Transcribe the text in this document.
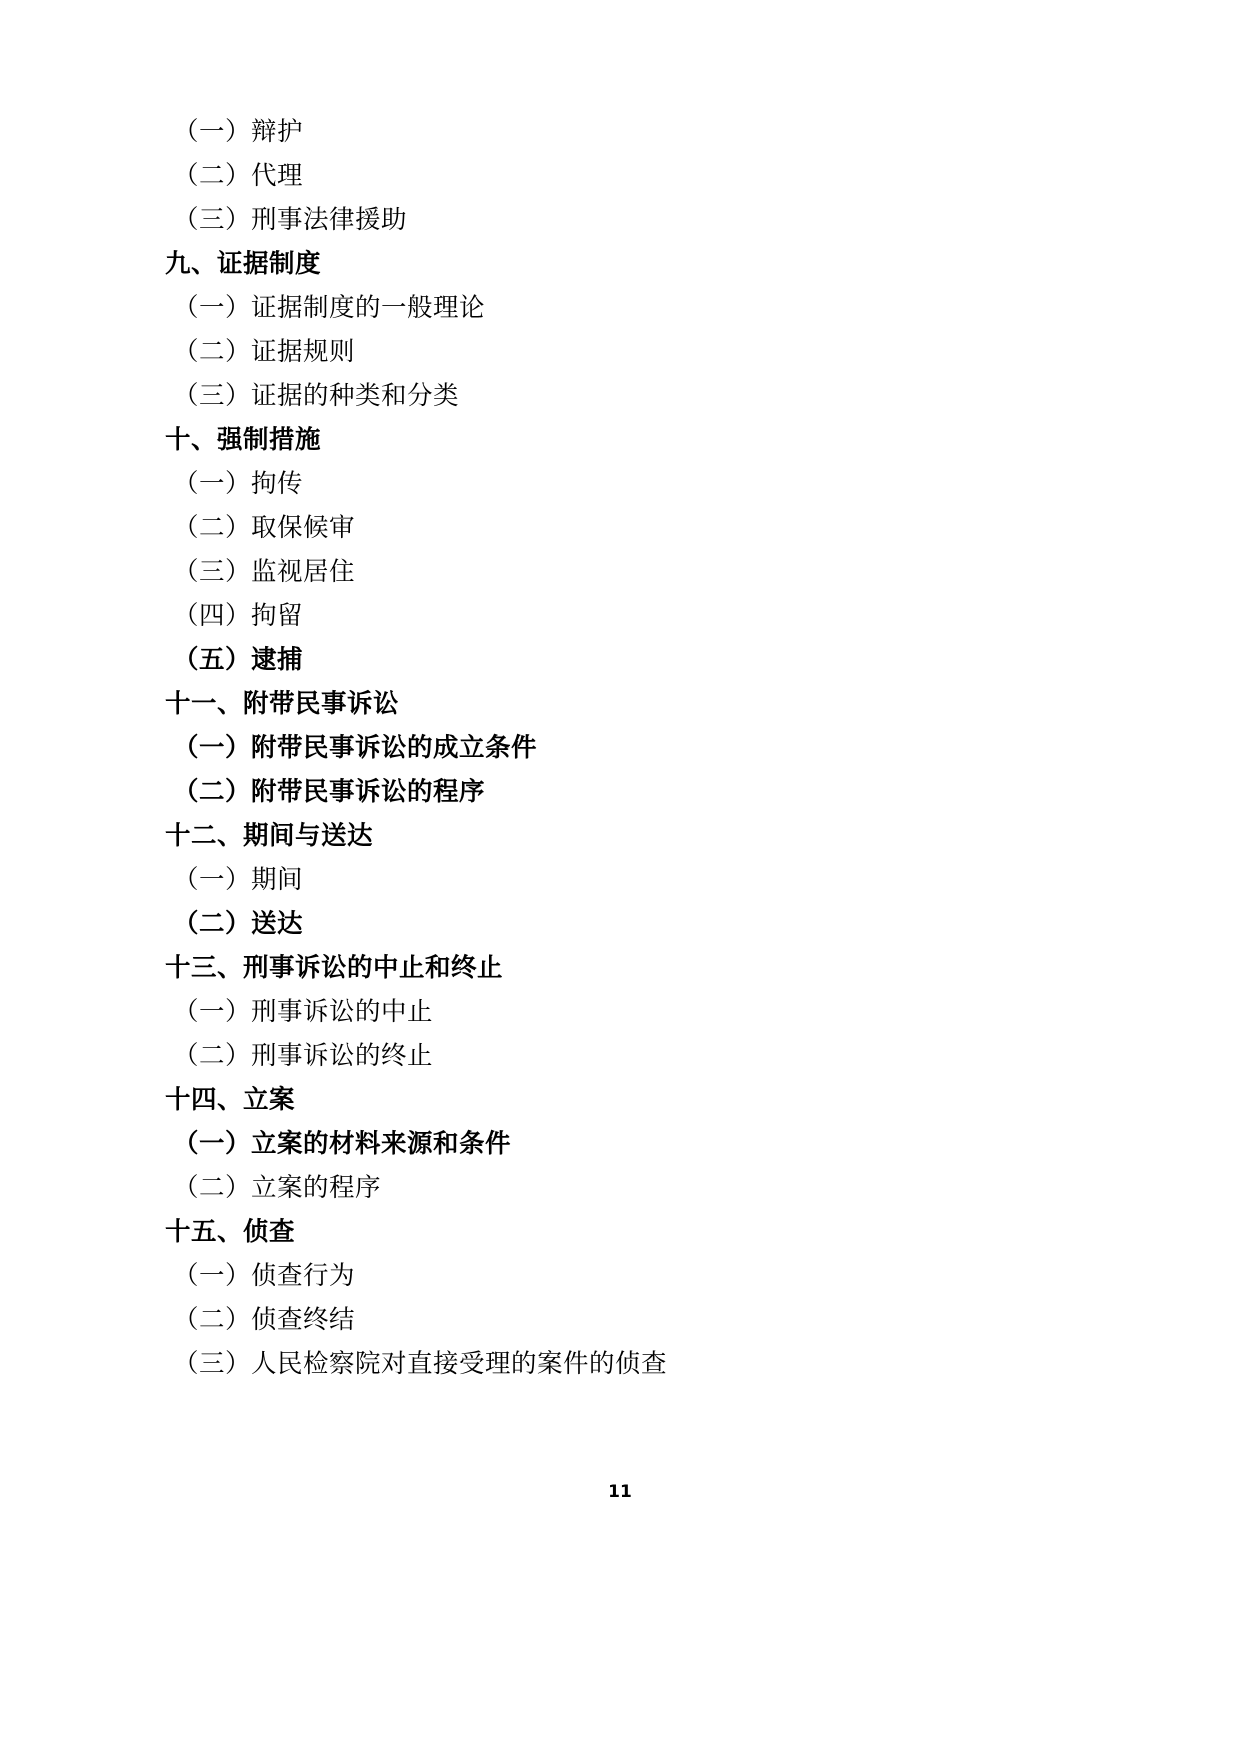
（一）辩护
（二）代理
（三）刑事法律援助
九、证据制度
（一）证据制度的一般理论
（二）证据规则
（三）证据的种类和分类
十、强制措施
（一）拘传
（二）取保候审
（三）监视居住
（四）拘留
（五）逮捕
十一、附带民事诉讼
（一）附带民事诉讼的成立条件
（二）附带民事诉讼的程序
十二、期间与送达
（一）期间
（二）送达
十三、刑事诉讼的中止和终止
（一）刑事诉讼的中止
（二）刑事诉讼的终止
十四、立案
（一）立案的材料来源和条件
（二）立案的程序
十五、侦查
（一）侦查行为
（二）侦查终结
（三）人民检察院对直接受理的案件的侦查
11
